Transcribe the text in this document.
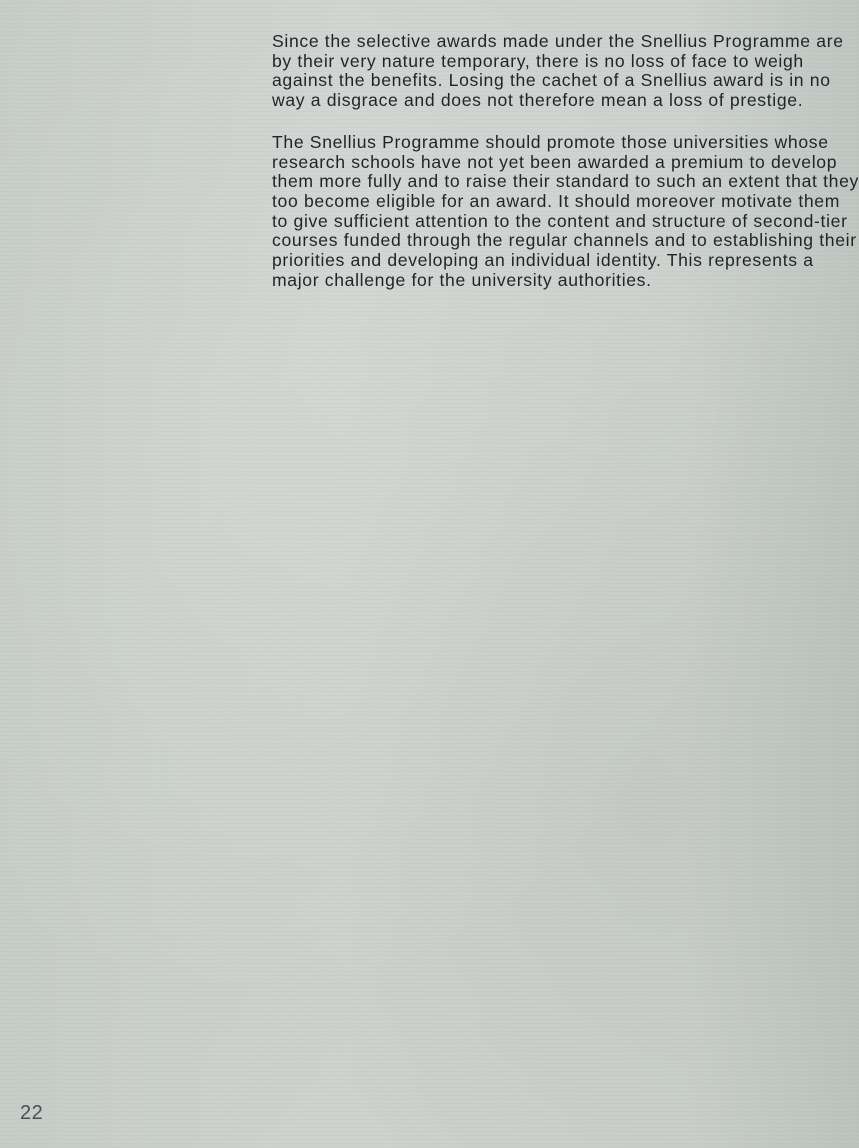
Since the selective awards made under the Snellius Programme are
by their very nature temporary, there is no loss of face to weigh
against the benefits. Losing the cachet of a Snellius award is in no
way a disgrace and does not therefore mean a loss of prestige.

The Snellius Programme should promote those universities whose
research schools have not yet been awarded a premium to develop
them more fully and to raise their standard to such an extent that they
too become eligible for an award. It should moreover motivate them
to give sufficient attention to the content and structure of second-tier
courses funded through the regular channels and to establishing their
priorities and developing an individual identity. This represents a
major challenge for the university authorities.

22
